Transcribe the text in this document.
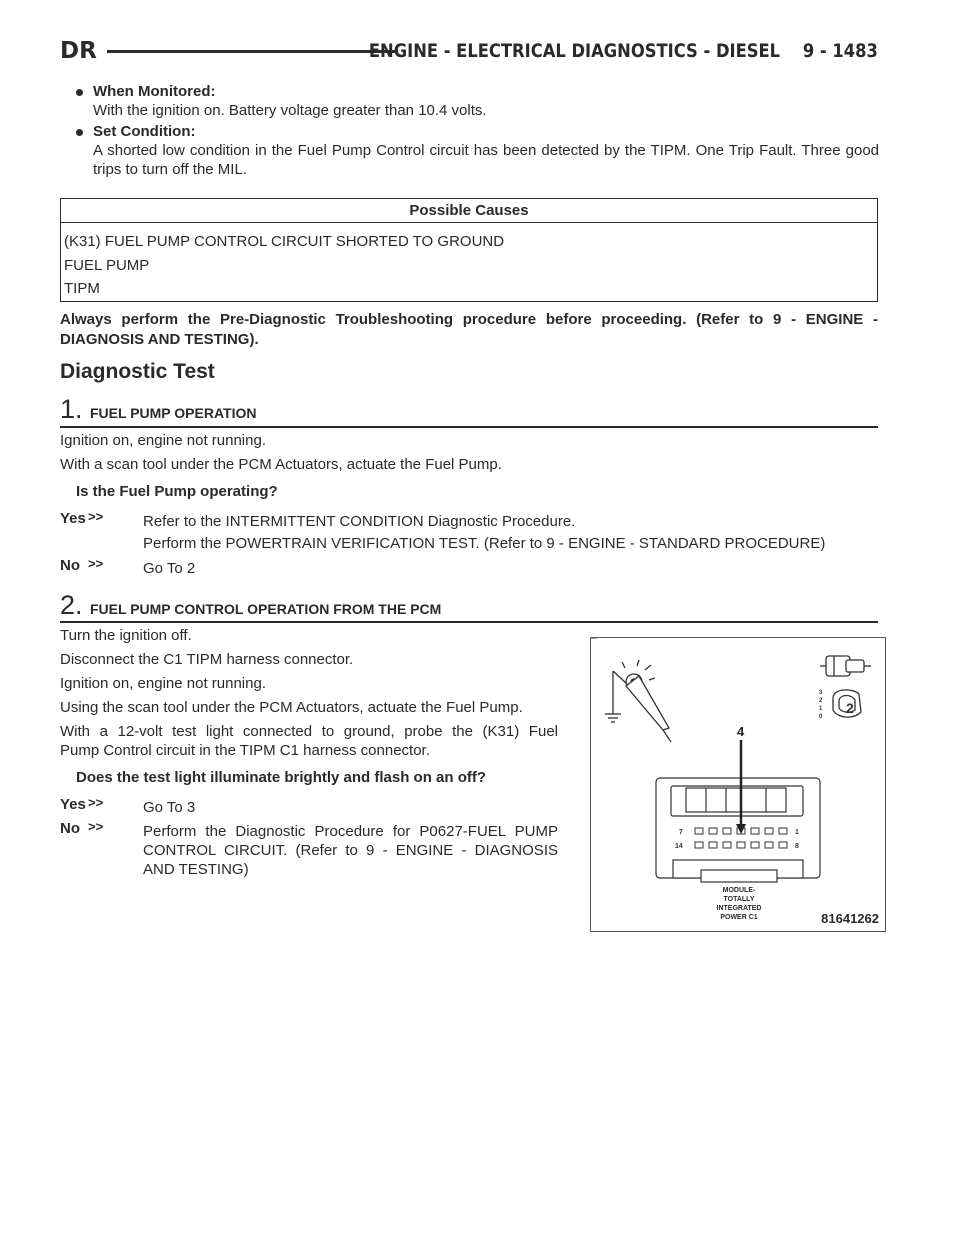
DR	ENGINE - ELECTRICAL DIAGNOSTICS - DIESEL    9 - 1483
When Monitored:
With the ignition on. Battery voltage greater than 10.4 volts.
Set Condition:
A shorted low condition in the Fuel Pump Control circuit has been detected by the TIPM. One Trip Fault. Three good trips to turn off the MIL.
Possible Causes
(K31) FUEL PUMP CONTROL CIRCUIT SHORTED TO GROUND
FUEL PUMP
TIPM
Always perform the Pre-Diagnostic Troubleshooting procedure before proceeding. (Refer to 9 - ENGINE - DIAGNOSIS AND TESTING).
Diagnostic Test
1. FUEL PUMP OPERATION
Ignition on, engine not running.
With a scan tool under the PCM Actuators, actuate the Fuel Pump.
Is the Fuel Pump operating?
Yes >>	Refer to the INTERMITTENT CONDITION Diagnostic Procedure.
Perform the POWERTRAIN VERIFICATION TEST. (Refer to 9 - ENGINE - STANDARD PROCEDURE)
No >>	Go To 2
2. FUEL PUMP CONTROL OPERATION FROM THE PCM
Turn the ignition off.
Disconnect the C1 TIPM harness connector.
Ignition on, engine not running.
Using the scan tool under the PCM Actuators, actuate the Fuel Pump.
With a 12-volt test light connected to ground, probe the (K31) Fuel
Pump Control circuit in the TIPM C1 harness connector.
Does the test light illuminate brightly and flash on an off?
Yes >>	Go To 3
No >>	Perform the Diagnostic Procedure for P0627-FUEL PUMP
CONTROL CIRCUIT. (Refer to 9 - ENGINE - DIAGNOSIS
AND TESTING)
3
2
1
0
2
7
14
1
8
4
MODULE-
TOTALLY
INTEGRATED
POWER C1	81641262
